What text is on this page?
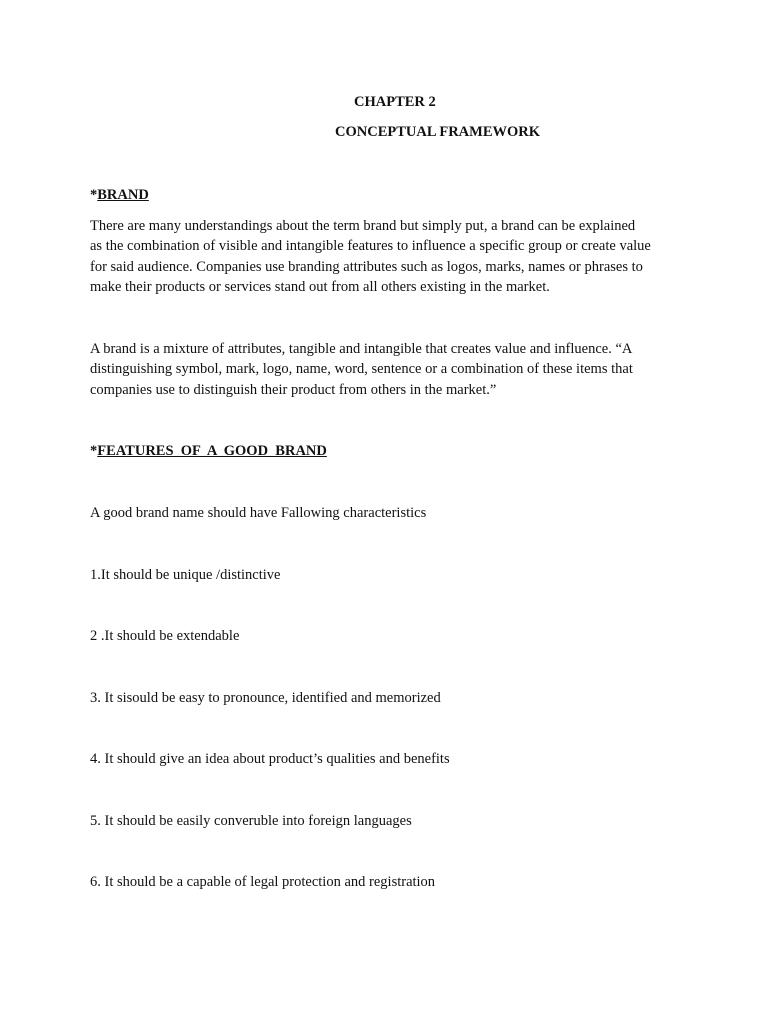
CHAPTER 2
CONCEPTUAL FRAMEWORK
*BRAND
There are many understandings about the term brand but simply put, a brand can be explained
as the combination of visible and intangible features to influence a specific group or create value
for said audience. Companies use branding attributes such as logos, marks, names or phrases to
make their products or services stand out from all others existing in the market.
A brand is a mixture of attributes, tangible and intangible that creates value and influence. “A
distinguishing symbol, mark, logo, name, word, sentence or a combination of these items that
companies use to distinguish their product from others in the market.”
*FEATURES  OF  A  GOOD  BRAND
A good brand name should have Fallowing characteristics
1.It should be unique /distinctive
2 .It should be extendable
3. It sisould be easy to pronounce, identified and memorized
4. It should give an idea about product’s qualities and benefits
5. It should be easily converuble into foreign languages
6. It should be a capable of legal protection and registration
